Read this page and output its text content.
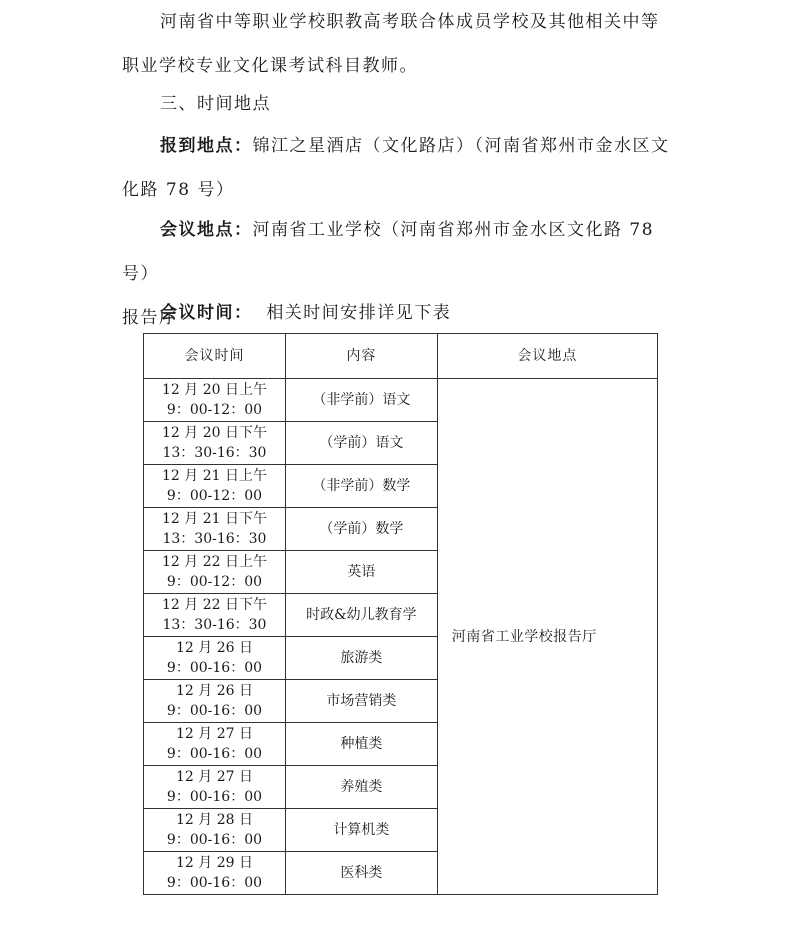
河南省中等职业学校职教高考联合体成员学校及其他相关中等
职业学校专业文化课考试科目教师。

三、时间地点

报到地点：锦江之星酒店（文化路店）（河南省郑州市金水区文
化路 78 号）

会议地点：河南省工业学校（河南省郑州市金水区文化路 78 号）
报告厅

会议时间： 相关时间安排详见下表

会议时间	内容	会议地点

12 月 20 日上午
9：00-12：00	（非学前）语文	河南省工业学校报告厅

12 月 20 日下午
13：30-16：30	（学前）语文	

12 月 21 日上午
9：00-12：00	（非学前）数学	

12 月 21 日下午
13：30-16：30	（学前）数学	

12 月 22 日上午
9：00-12：00	英语	

12 月 22 日下午
13：30-16：30	时政&幼儿教育学	

12 月 26 日
9：00-16：00	旅游类	

12 月 26 日
9：00-16：00	市场营销类	

12 月 27 日
9：00-16：00	种植类	

12 月 27 日
9：00-16：00	养殖类	

12 月 28 日
9：00-16：00	计算机类	

12 月 29 日
9：00-16：00	医科类	
